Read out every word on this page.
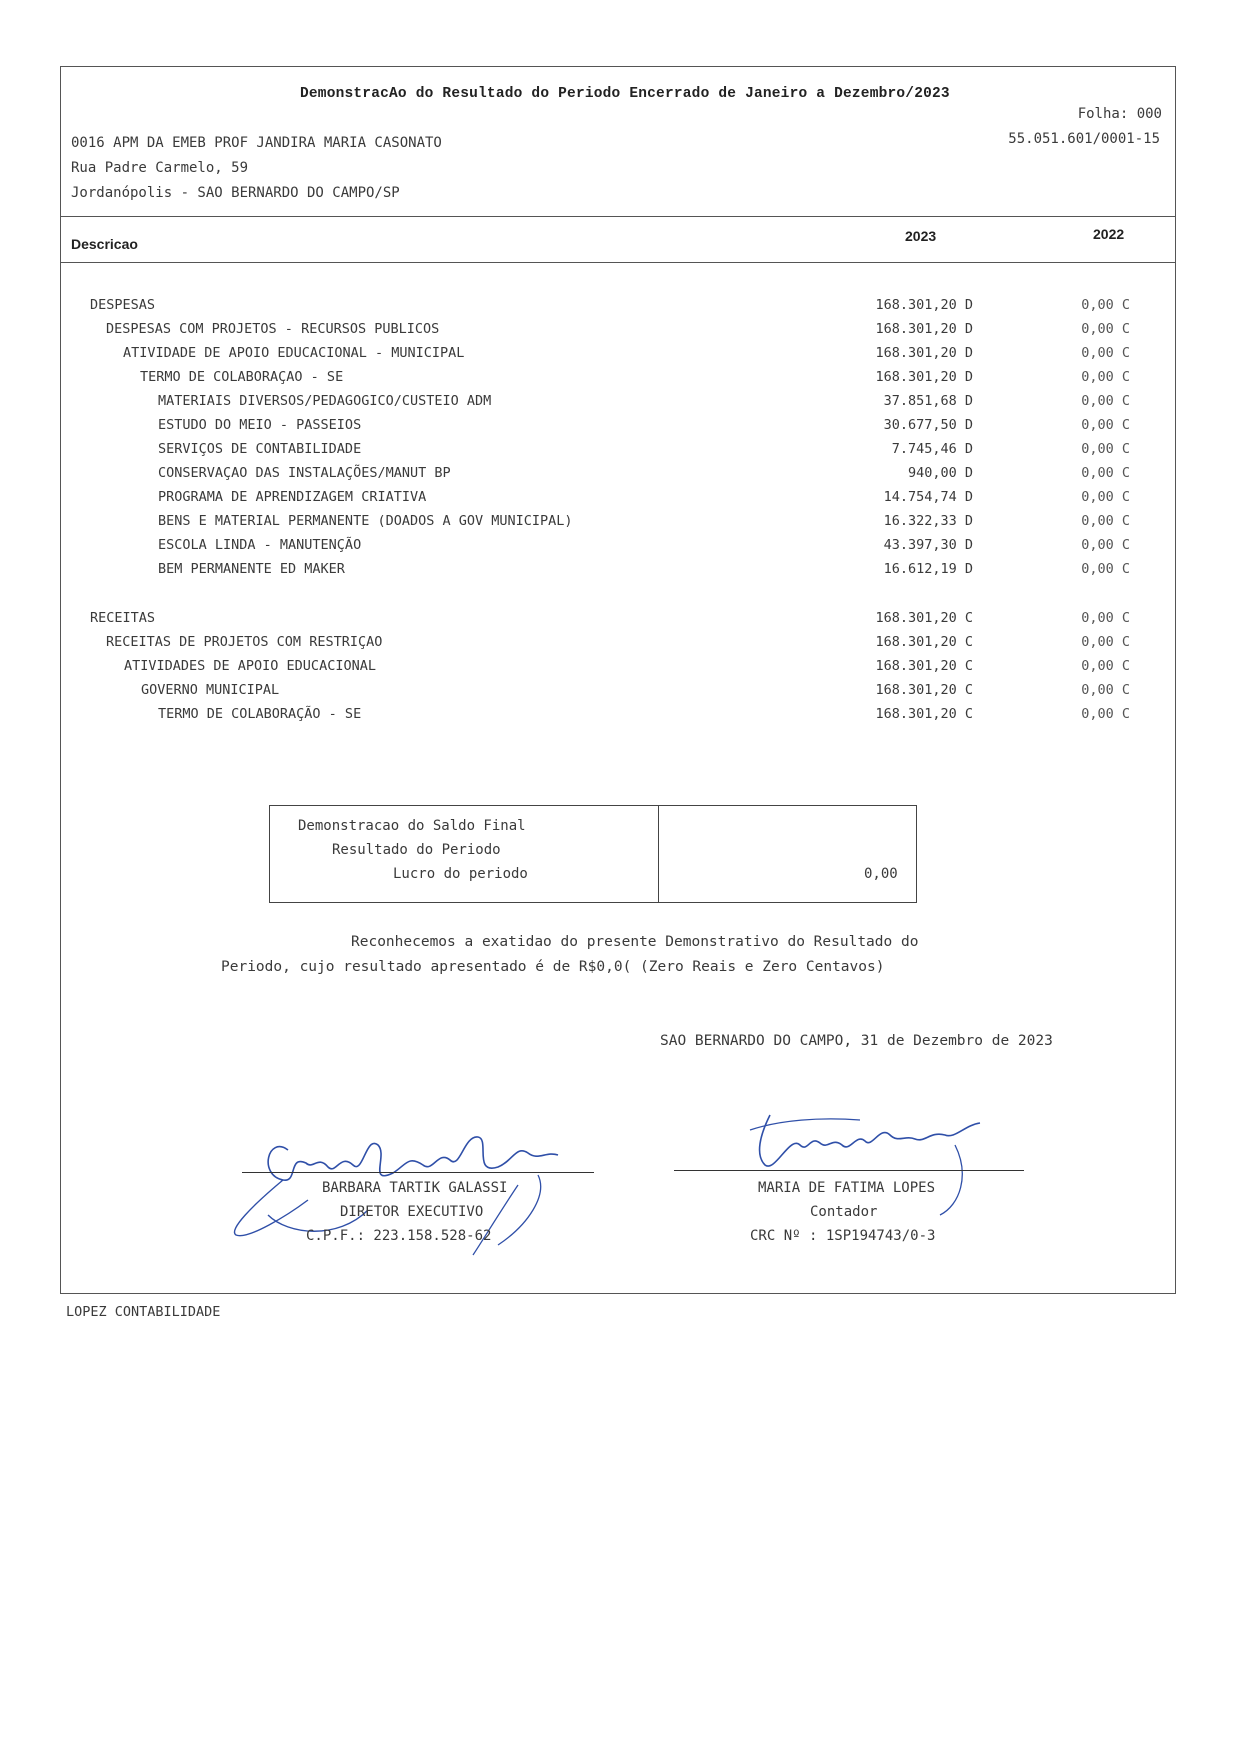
DemonstracAo do Resultado do Periodo Encerrado de Janeiro a Dezembro/2023
Folha: 000
55.051.601/0001-15
0016 APM DA EMEB PROF JANDIRA MARIA CASONATO
Rua Padre Carmelo, 59
Jordanópolis - SAO BERNARDO DO CAMPO/SP
Descricao	2023	2022
DESPESAS	168.301,20 D	0,00 C
DESPESAS COM PROJETOS - RECURSOS PUBLICOS	168.301,20 D	0,00 C
ATIVIDADE DE APOIO EDUCACIONAL - MUNICIPAL	168.301,20 D	0,00 C
TERMO DE COLABORAÇAO - SE	168.301,20 D	0,00 C
MATERIAIS DIVERSOS/PEDAGOGICO/CUSTEIO ADM	37.851,68 D	0,00 C
ESTUDO DO MEIO - PASSEIOS	30.677,50 D	0,00 C
SERVIÇOS DE CONTABILIDADE	7.745,46 D	0,00 C
CONSERVAÇAO DAS INSTALAÇÕES/MANUT BP	940,00 D	0,00 C
PROGRAMA DE APRENDIZAGEM CRIATIVA	14.754,74 D	0,00 C
BENS E MATERIAL PERMANENTE (DOADOS A GOV MUNICIPAL)	16.322,33 D	0,00 C
ESCOLA LINDA - MANUTENÇÃO	43.397,30 D	0,00 C
BEM PERMANENTE ED MAKER	16.612,19 D	0,00 C
RECEITAS	168.301,20 C	0,00 C
RECEITAS DE PROJETOS COM RESTRIÇAO	168.301,20 C	0,00 C
ATIVIDADES DE APOIO EDUCACIONAL	168.301,20 C	0,00 C
GOVERNO MUNICIPAL	168.301,20 C	0,00 C
TERMO DE COLABORAÇÃO - SE	168.301,20 C	0,00 C
Demonstracao do Saldo Final
Resultado do Periodo
Lucro do periodo	0,00
Reconhecemos a exatidao do presente Demonstrativo do Resultado do
Periodo, cujo resultado apresentado é de R$0,0( (Zero Reais e Zero Centavos)
SAO BERNARDO DO CAMPO, 31 de Dezembro de 2023
BARBARA TARTIK GALASSI
DIRETOR EXECUTIVO
C.P.F.: 223.158.528-62
MARIA DE FATIMA LOPES
Contador
CRC Nº : 1SP194743/0-3
LOPEZ CONTABILIDADE
